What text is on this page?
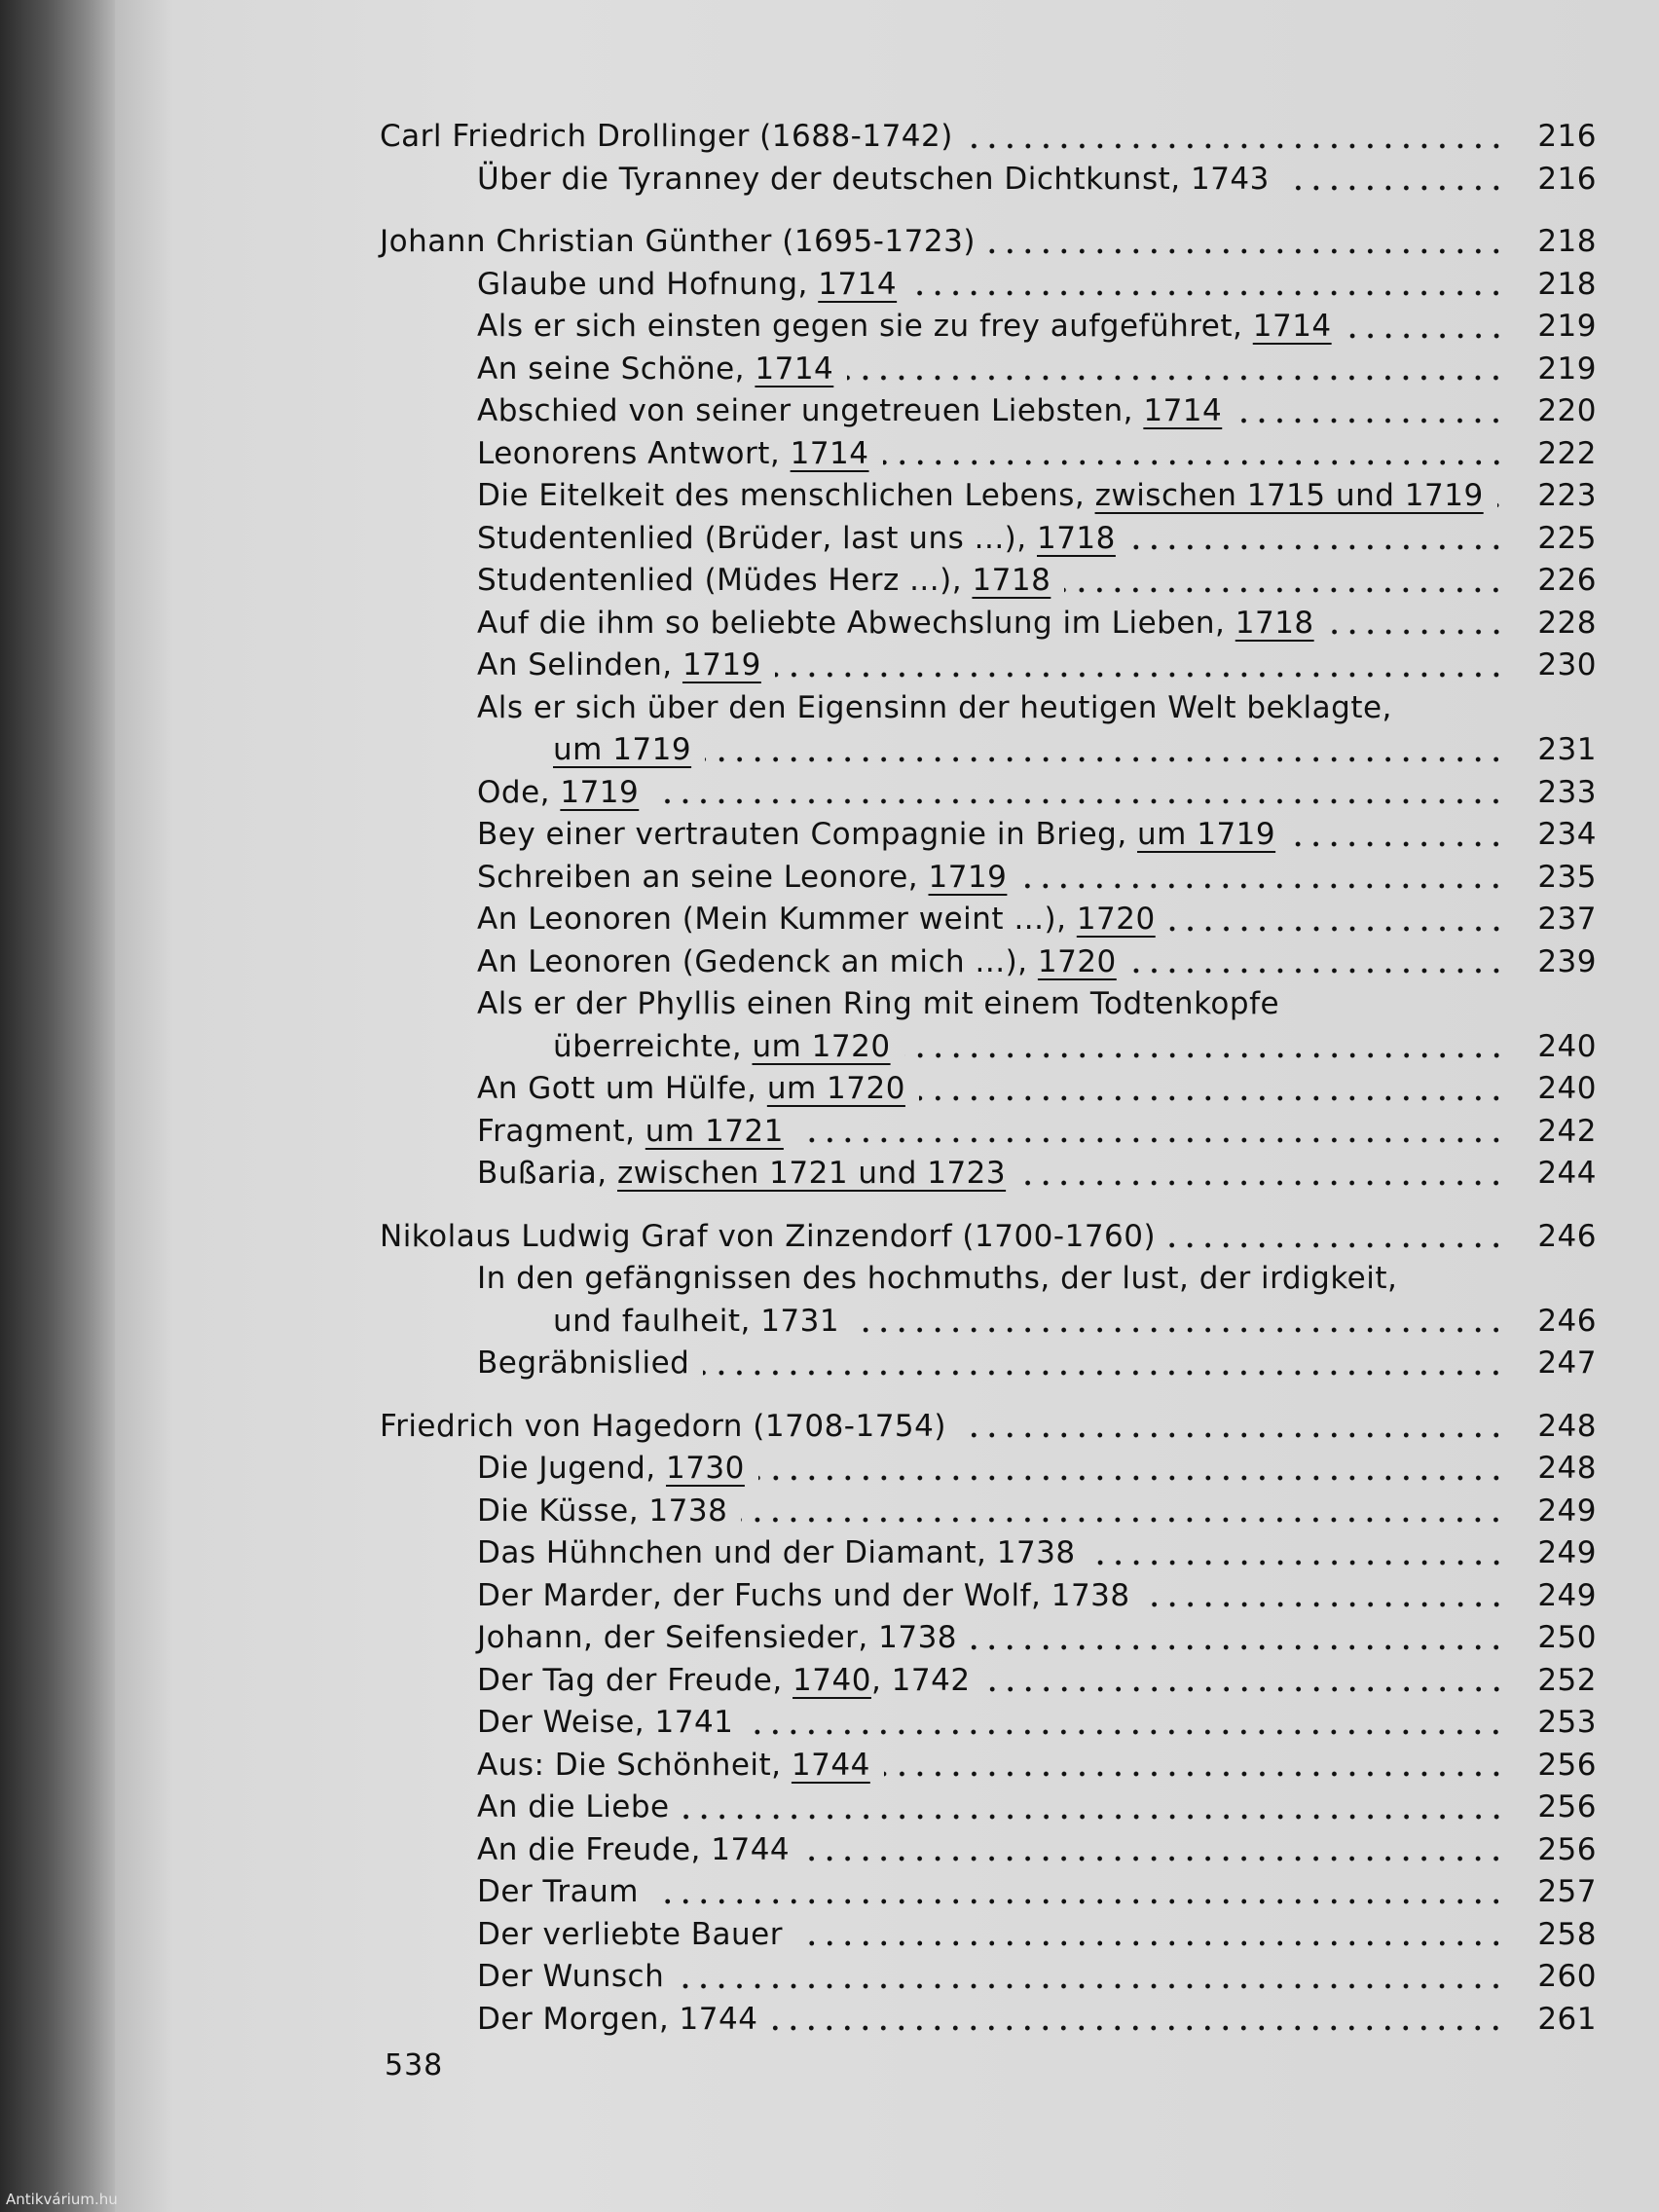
Carl Friedrich Drollinger (1688-1742)	216
Über die Tyranney der deutschen Dichtkunst, 1743	216
Johann Christian Günther (1695-1723)	218
Glaube und Hofnung, 1714	218
Als er sich einsten gegen sie zu frey aufgeführet, 1714	219
An seine Schöne, 1714	219
Abschied von seiner ungetreuen Liebsten, 1714	220
Leonorens Antwort, 1714	222
Die Eitelkeit des menschlichen Lebens, zwischen 1715 und 1719	223
Studentenlied (Brüder, last uns ...), 1718	225
Studentenlied (Müdes Herz ...), 1718	226
Auf die ihm so beliebte Abwechslung im Lieben, 1718	228
An Selinden, 1719	230
Als er sich über den Eigensinn der heutigen Welt beklagte,
um 1719	231
Ode, 1719	233
Bey einer vertrauten Compagnie in Brieg, um 1719	234
Schreiben an seine Leonore, 1719	235
An Leonoren (Mein Kummer weint ...), 1720	237
An Leonoren (Gedenck an mich ...), 1720	239
Als er der Phyllis einen Ring mit einem Todtenkopfe
überreichte, um 1720	240
An Gott um Hülfe, um 1720	240
Fragment, um 1721	242
Bußaria, zwischen 1721 und 1723	244
Nikolaus Ludwig Graf von Zinzendorf (1700-1760)	246
In den gefängnissen des hochmuths, der lust, der irdigkeit,
und faulheit, 1731	246
Begräbnislied	247
Friedrich von Hagedorn (1708-1754)	248
Die Jugend, 1730	248
Die Küsse, 1738	249
Das Hühnchen und der Diamant, 1738	249
Der Marder, der Fuchs und der Wolf, 1738	249
Johann, der Seifensieder, 1738	250
Der Tag der Freude, 1740, 1742	252
Der Weise, 1741	253
Aus: Die Schönheit, 1744	256
An die Liebe	256
An die Freude, 1744	256
Der Traum	257
Der verliebte Bauer	258
Der Wunsch	260
Der Morgen, 1744	261
538
Antikvárium.hu
